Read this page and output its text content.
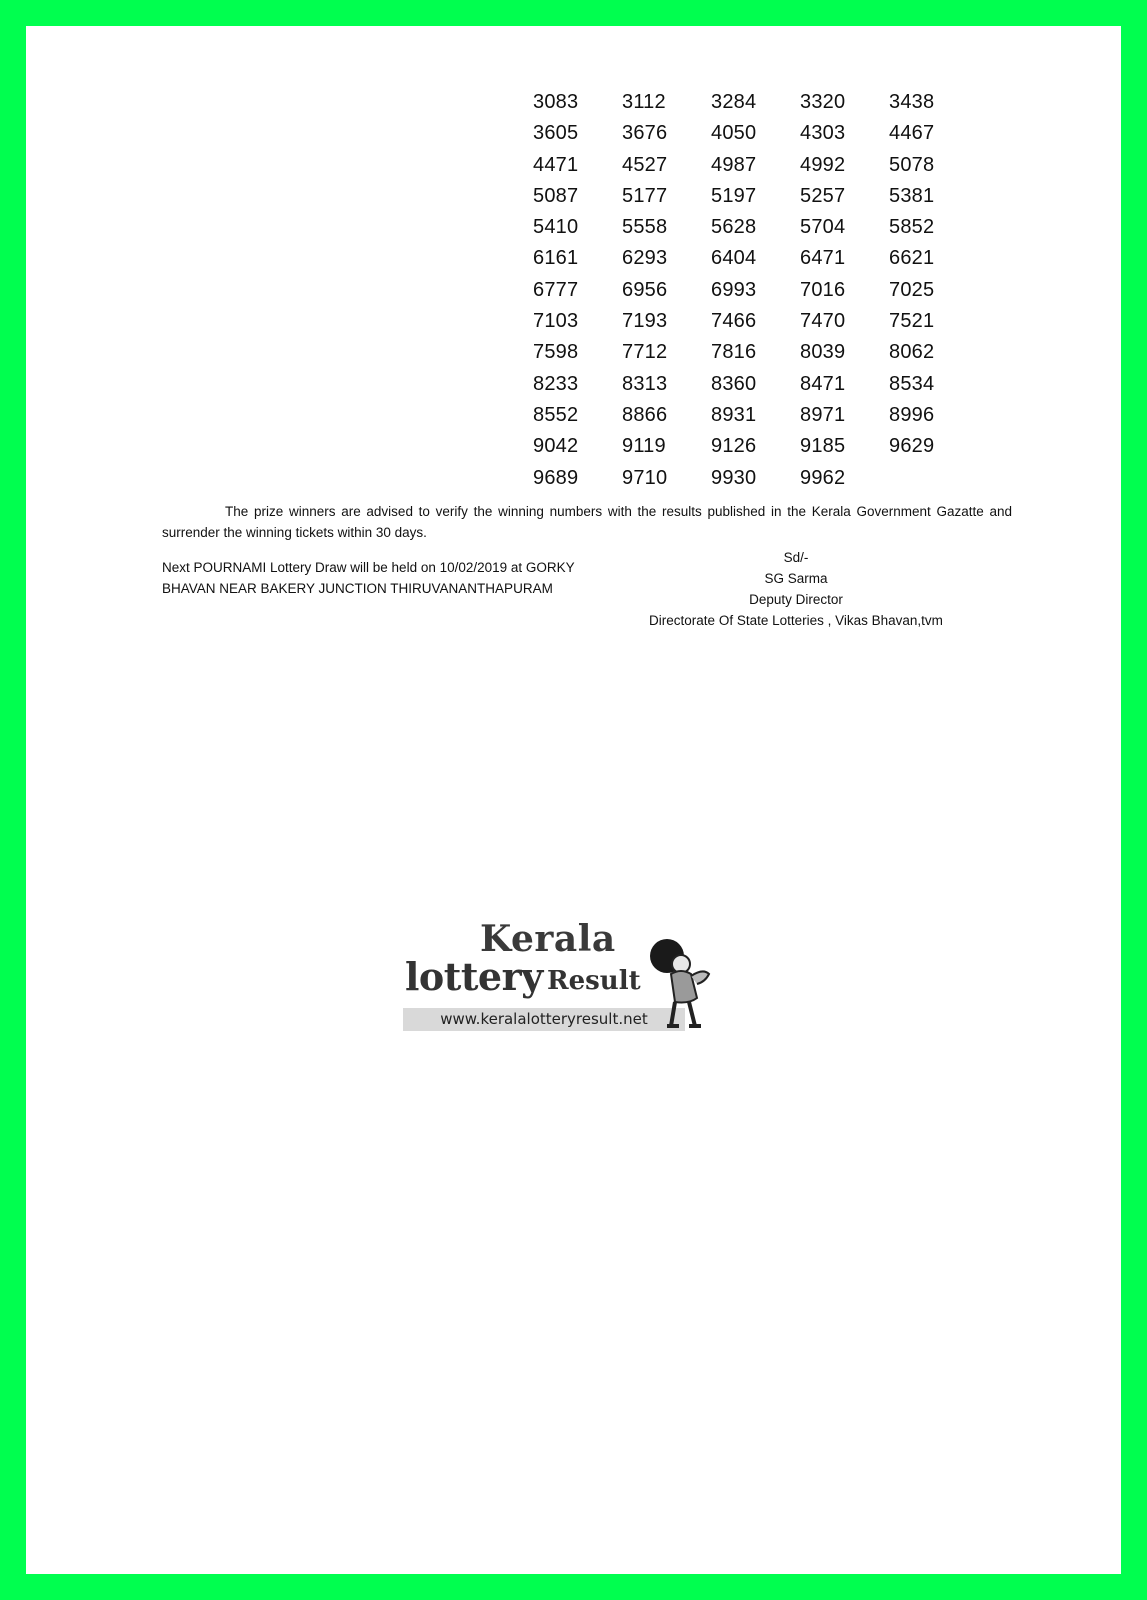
3083	3112	3284	3320	3438
3605	3676	4050	4303	4467
4471	4527	4987	4992	5078
5087	5177	5197	5257	5381
5410	5558	5628	5704	5852
6161	6293	6404	6471	6621
6777	6956	6993	7016	7025
7103	7193	7466	7470	7521
7598	7712	7816	8039	8062
8233	8313	8360	8471	8534
8552	8866	8931	8971	8996
9042	9119	9126	9185	9629
9689	9710	9930	9962
The prize winners are advised to verify the winning numbers with the results published in the Kerala Government Gazatte and surrender the winning tickets within 30 days.
Next POURNAMI Lottery Draw will be held on 10/02/2019 at GORKY
BHAVAN NEAR BAKERY JUNCTION THIRUVANANTHAPURAM
Sd/-
SG Sarma
Deputy Director
Directorate Of State Lotteries , Vikas Bhavan,tvm
Kerala
lottery Result
www.keralalotteryresult.net
